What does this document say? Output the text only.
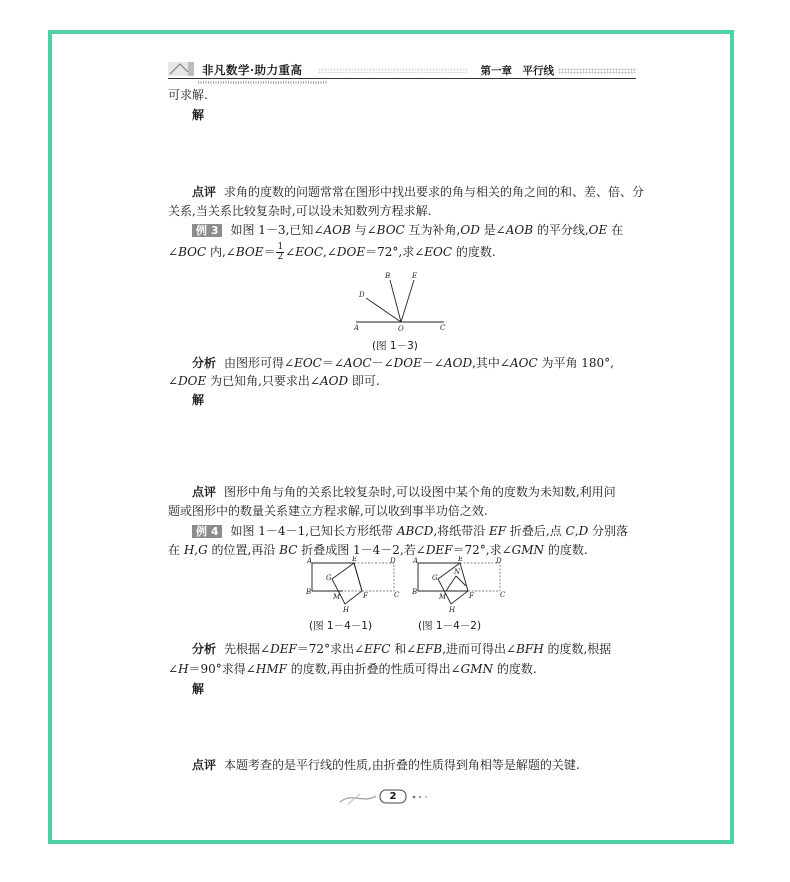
非凡数学·助力重高	第一章　平行线
可求解.
解
点评 求角的度数的问题常常在图形中找出要求的角与相关的角之间的和、差、倍、分
关系,当关系比较复杂时,可以设未知数列方程求解.
例 3 如图 1－3,已知∠AOB 与∠BOC 互为补角,OD 是∠AOB 的平分线,OE 在
∠BOC 内,∠BOE＝ $\frac{1}{2}$ ∠EOC,∠DOE＝72°,求∠EOC 的度数.
A	O	C
D
B	E
(图 1－3)
分析 由图形可得∠EOC＝∠AOC－∠DOE－∠AOD,其中∠AOC 为平角 180°,
∠DOE 为已知角,只要求出∠AOD 即可.
解
点评 图形中角与角的关系比较复杂时,可以设图中某个角的度数为未知数,利用问
题或图形中的数量关系建立方程求解,可以收到事半功倍之效.
例 4 如图 1－4－1,已知长方形纸带 ABCD,将纸带沿 EF 折叠后,点 C,D 分别落
在 H,G 的位置,再沿 BC 折叠成图 1－4－2,若∠DEF＝72°,求∠GMN 的度数.
A	E	D
B
G
M	F	C
H
(图 1－4－1)
A	E	D
B
G
N
M	F	C
H
(图 1－4－2)
分析 先根据∠DEF＝72°求出∠EFC 和∠EFB,进而可得出∠BFH 的度数,根据
∠H＝90°求得∠HMF 的度数,再由折叠的性质可得出∠GMN 的度数.
解
点评 本题考查的是平行线的性质,由折叠的性质得到角相等是解题的关键.
2
